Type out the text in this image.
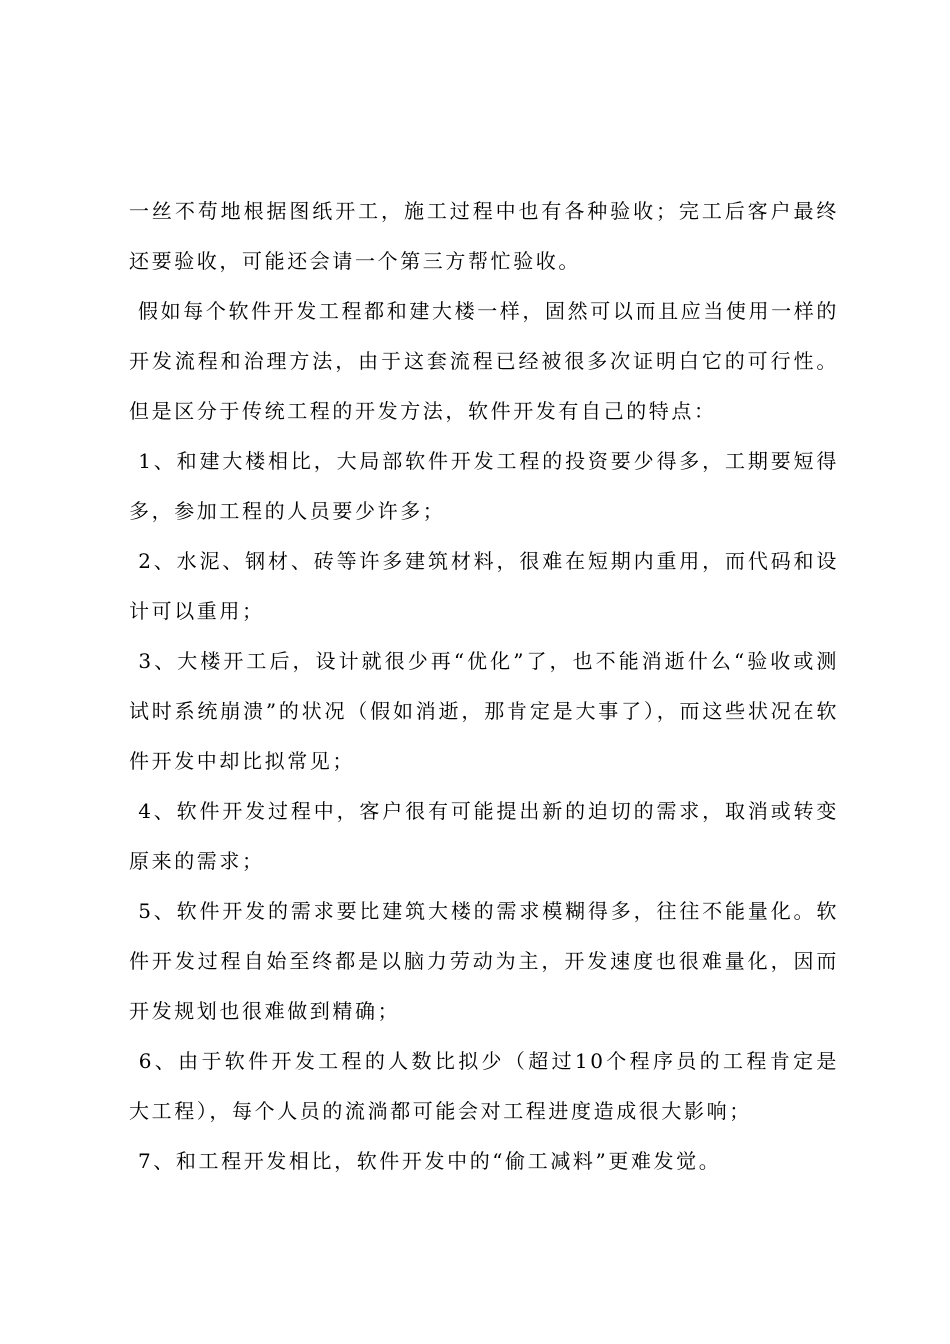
一丝不苟地根据图纸开工，施工过程中也有各种验收；完工后客户最终还要验收，可能还会请一个第三方帮忙验收。

假如每个软件开发工程都和建大楼一样，固然可以而且应当使用一样的开发流程和治理方法，由于这套流程已经被很多次证明白它的可行性。但是区分于传统工程的开发方法，软件开发有自己的特点：

1、和建大楼相比，大局部软件开发工程的投资要少得多，工期要短得多，参加工程的人员要少许多；

2、水泥、钢材、砖等许多建筑材料，很难在短期内重用，而代码和设计可以重用；

3、大楼开工后，设计就很少再“优化”了，也不能消逝什么“验收或测试时系统崩溃”的状况（假如消逝，那肯定是大事了），而这些状况在软件开发中却比拟常见；

4、软件开发过程中，客户很有可能提出新的迫切的需求，取消或转变原来的需求；

5、软件开发的需求要比建筑大楼的需求模糊得多，往往不能量化。软件开发过程自始至终都是以脑力劳动为主，开发速度也很难量化，因而开发规划也很难做到精确；

6、由于软件开发工程的人数比拟少（超过10个程序员的工程肯定是大工程），每个人员的流淌都可能会对工程进度造成很大影响；

7、和工程开发相比，软件开发中的“偷工减料”更难发觉。
